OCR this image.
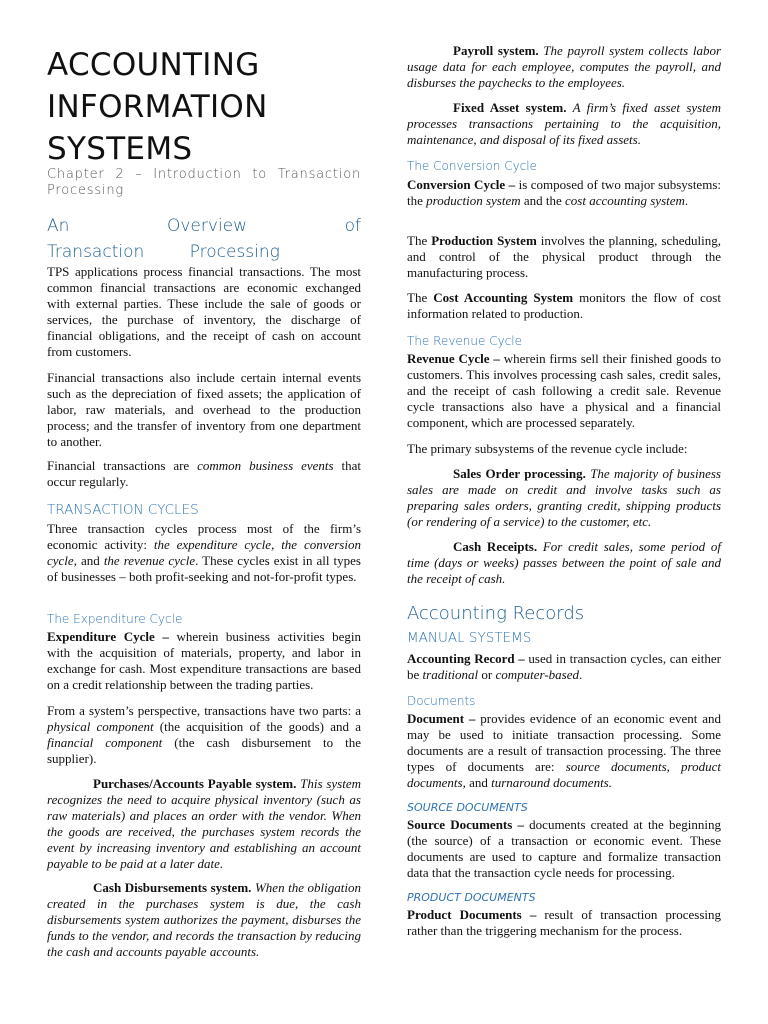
ACCOUNTING
INFORMATION
SYSTEMS
Chapter 2 – Introduction to Transaction Processing
An Overview of Transaction Processing
TPS applications process financial transactions. The most common financial transactions are economic exchanged with external parties. These include the sale of goods or services, the purchase of inventory, the discharge of financial obligations, and the receipt of cash on account from customers.
Financial transactions also include certain internal events such as the depreciation of fixed assets; the application of labor, raw materials, and overhead to the production process; and the transfer of inventory from one department to another.
Financial transactions are common business events that occur regularly.
TRANSACTION CYCLES
Three transaction cycles process most of the firm’s economic activity: the expenditure cycle, the conversion cycle, and the revenue cycle. These cycles exist in all types of businesses – both profit-seeking and not-for-profit types.
The Expenditure Cycle
Expenditure Cycle – wherein business activities begin with the acquisition of materials, property, and labor in exchange for cash. Most expenditure transactions are based on a credit relationship between the trading parties.
From a system’s perspective, transactions have two parts: a physical component (the acquisition of the goods) and a financial component (the cash disbursement to the supplier).
Purchases/Accounts Payable system. This system recognizes the need to acquire physical inventory (such as raw materials) and places an order with the vendor. When the goods are received, the purchases system records the event by increasing inventory and establishing an account payable to be paid at a later date.
Cash Disbursements system. When the obligation created in the purchases system is due, the cash disbursements system authorizes the payment, disburses the funds to the vendor, and records the transaction by reducing the cash and accounts payable accounts.
Payroll system. The payroll system collects labor usage data for each employee, computes the payroll, and disburses the paychecks to the employees.
Fixed Asset system. A firm’s fixed asset system processes transactions pertaining to the acquisition, maintenance, and disposal of its fixed assets.
The Conversion Cycle
Conversion Cycle – is composed of two major subsystems: the production system and the cost accounting system.
The Production System involves the planning, scheduling, and control of the physical product through the manufacturing process.
The Cost Accounting System monitors the flow of cost information related to production.
The Revenue Cycle
Revenue Cycle – wherein firms sell their finished goods to customers. This involves processing cash sales, credit sales, and the receipt of cash following a credit sale. Revenue cycle transactions also have a physical and a financial component, which are processed separately.
The primary subsystems of the revenue cycle include:
Sales Order processing. The majority of business sales are made on credit and involve tasks such as preparing sales orders, granting credit, shipping products (or rendering of a service) to the customer, etc.
Cash Receipts. For credit sales, some period of time (days or weeks) passes between the point of sale and the receipt of cash.
Accounting Records
MANUAL SYSTEMS
Accounting Record – used in transaction cycles, can either be traditional or computer-based.
Documents
Document – provides evidence of an economic event and may be used to initiate transaction processing. Some documents are a result of transaction processing. The three types of documents are: source documents, product documents, and turnaround documents.
SOURCE DOCUMENTS
Source Documents – documents created at the beginning (the source) of a transaction or economic event. These documents are used to capture and formalize transaction data that the transaction cycle needs for processing.
PRODUCT DOCUMENTS
Product Documents – result of transaction processing rather than the triggering mechanism for the process.
